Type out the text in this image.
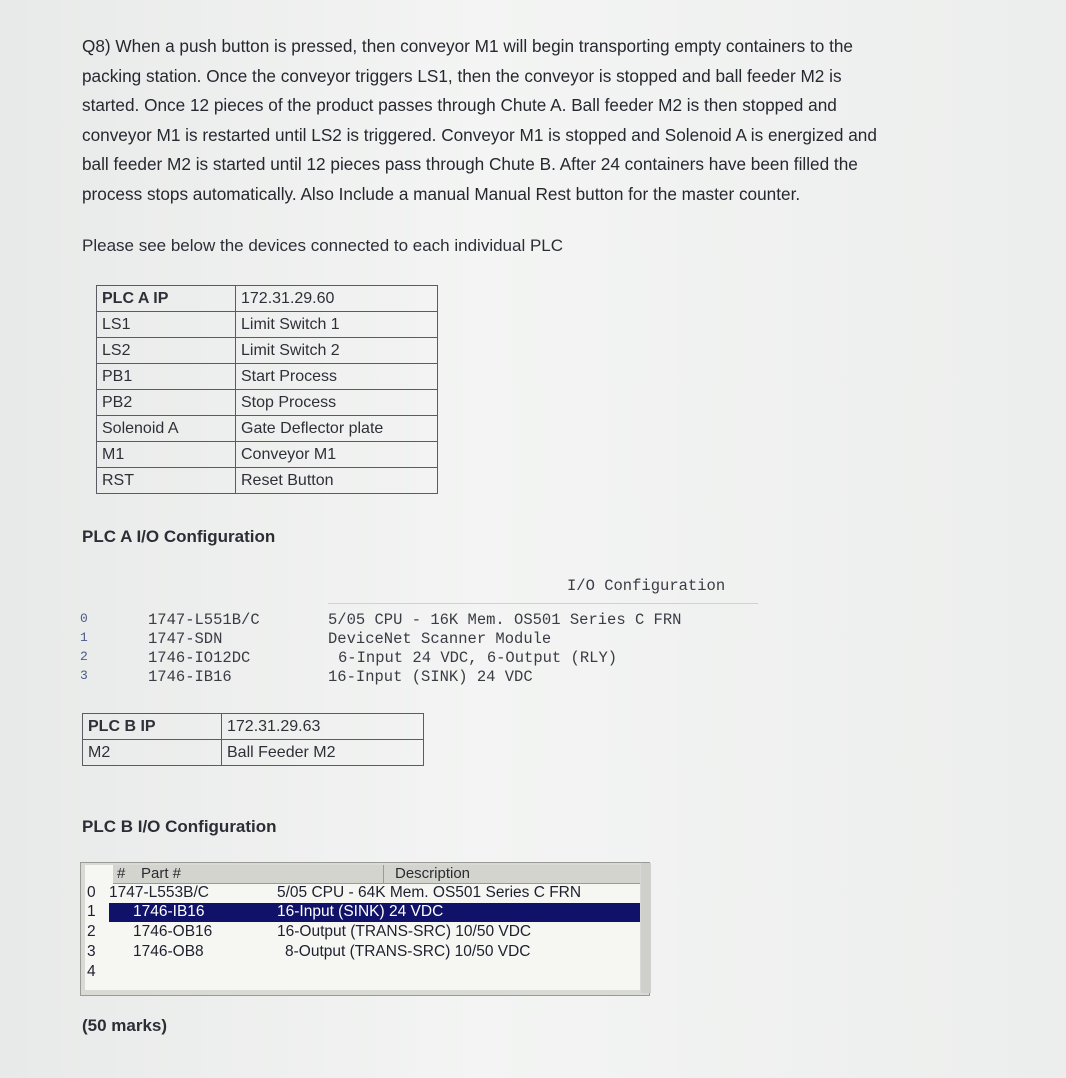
Q8) When a push button is pressed, then conveyor M1 will begin transporting empty containers to the
packing station. Once the conveyor triggers LS1, then the conveyor is stopped and ball feeder M2 is
started. Once 12 pieces of the product passes through Chute A. Ball feeder M2 is then stopped and
conveyor M1 is restarted until LS2 is triggered. Conveyor M1 is stopped and Solenoid A is energized and
ball feeder M2 is started until 12 pieces pass through Chute B. After 24 containers have been filled the
process stops automatically. Also Include a manual Manual Rest button for the master counter.

Please see below the devices connected to each individual PLC
PLC A IP	172.31.29.60
LS1	Limit Switch 1
LS2	Limit Switch 2
PB1	Start Process
PB2	Stop Process
Solenoid A	Gate Deflector plate
M1	Conveyor M1
RST	Reset Button
PLC A I/O Configuration
I/O Configuration
0	1747-L551B/C	5/05 CPU - 16K Mem. OS501 Series C FRN
1	1747-SDN	DeviceNet Scanner Module
2	1746-IO12DC	6-Input 24 VDC, 6-Output (RLY)
3	1746-IB16	16-Input (SINK) 24 VDC
PLC B IP	172.31.29.63
M2	Ball Feeder M2
PLC B I/O Configuration
# Part #	Description
0 1747-L553B/C	5/05 CPU - 64K Mem. OS501 Series C FRN
1 1746-IB16	16-Input (SINK) 24 VDC
2 1746-OB16	16-Output (TRANS-SRC) 10/50 VDC
3 1746-OB8	8-Output (TRANS-SRC) 10/50 VDC
4
(50 marks)
